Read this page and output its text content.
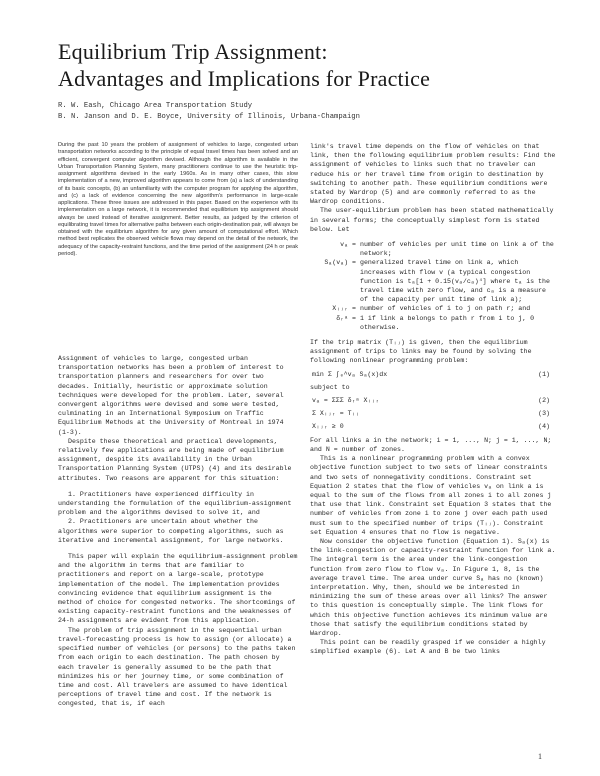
Equilibrium Trip Assignment:
Advantages and Implications for Practice
R. W. Eash, Chicago Area Transportation Study
B. N. Janson and D. E. Boyce, University of Illinois, Urbana-Champaign
During the past 10 years the problem of assignment of vehicles to large, congested urban transportation networks according to the principle of equal travel times has been solved and an efficient, convergent computer algorithm devised. Although the algorithm is available in the Urban Transportation Planning System, many practitioners continue to use the heuristic trip-assignment algorithms devised in the early 1960s. As in many other cases, this slow implementation of a new, improved algorithm appears to come from (a) a lack of understanding of its basic concepts, (b) an unfamiliarity with the computer program for applying the algorithm, and (c) a lack of evidence concerning the new algorithm's performance in large-scale applications. These three issues are addressed in this paper. Based on the experience with its implementation on a large network, it is recommended that equilibrium trip assignment should always be used instead of iterative assignment. Better results, as judged by the criterion of equilibrating travel times for alternative paths between each origin-destination pair, will always be obtained with the equilibrium algorithm for any given amount of computational effort. Which method best replicates the observed vehicle flows may depend on the detail of the network, the adequacy of the capacity-restraint functions, and the time period of the assignment (24 h or peak period).

Assignment of vehicles to large, congested urban transportation networks has been a problem of interest to transportation planners and researchers for over two decades. Initially, heuristic or approximate solution techniques were developed for the problem. Later, several convergent algorithms were devised and some were tested, culminating in an International Symposium on Traffic Equilibrium Methods at the University of Montreal in 1974 (1-3).

Despite these theoretical and practical developments, relatively few applications are being made of equilibrium assignment, despite its availability in the Urban Transportation Planning System (UTPS) (4) and its desirable attributes. Two reasons are apparent for this situation:

1. Practitioners have experienced difficulty in understanding the formulation of the equilibrium-assignment problem and the algorithms devised to solve it, and

2. Practitioners are uncertain about whether the algorithms were superior to competing algorithms, such as iterative and incremental assignment, for large networks.

This paper will explain the equilibrium-assignment problem and the algorithm in terms that are familiar to practitioners and report on a large-scale, prototype implementation of the model. The implementation provides convincing evidence that equilibrium assignment is the method of choice for congested networks. The shortcomings of existing capacity-restraint functions and the weaknesses of 24-h assignments are evident from this application.

The problem of trip assignment in the sequential urban travel-forecasting process is how to assign (or allocate) a specified number of vehicles (or persons) to the paths taken from each origin to each destination. The path chosen by each traveler is generally assumed to be the path that minimizes his or her journey time, or some combination of time and cost. All travelers are assumed to have identical perceptions of travel time and cost. If the network is congested, that is, if each

link's travel time depends on the flow of vehicles on that link, then the following equilibrium problem results: Find the assignment of vehicles to links such that no traveler can reduce his or her travel time from origin to destination by switching to another path. These equilibrium conditions were stated by Wardrop (5) and are commonly referred to as the Wardrop conditions.

The user-equilibrium problem has been stated mathematically in several forms; the conceptually simplest form is stated below. Let

vₐ = number of vehicles per unit time on link a of the network;
Sₐ(vₐ) = generalized travel time on link a, which increases with flow v (a typical congestion function is tₐ[1 + 0.15(vₐ/cₐ)⁴] where tₐ is the travel time with zero flow, and cₐ is a measure of the capacity per unit time of link a);
Xᵢⱼᵣ = number of vehicles of i to j on path r; and
δᵣᵃ = 1 if link a belongs to path r from i to j, 0 otherwise.

If the trip matrix (Tᵢⱼ) is given, then the equilibrium assignment of trips to links may be found by solving the following nonlinear programming problem:

min Σ ∫₀^vₐ Sₐ(x)dx	(1)

subject to

vₐ = ΣΣΣ δᵣᵃ Xᵢⱼᵣ	(2)
Σ Xᵢⱼᵣ = Tᵢⱼ	(3)
Xᵢⱼᵣ ≥ 0	(4)

For all links a in the network; i = 1, ..., N; j = 1, ..., N; and N = number of zones.

This is a nonlinear programming problem with a convex objective function subject to two sets of linear constraints and two sets of nonnegativity conditions. Constraint set Equation 2 states that the flow of vehicles vₐ on link a is equal to the sum of the flows from all zones i to all zones j that use that link. Constraint set Equation 3 states that the number of vehicles from zone i to zone j over each path used must sum to the specified number of trips (Tᵢⱼ). Constraint set Equation 4 ensures that no flow is negative.

Now consider the objective function (Equation 1). Sₐ(x) is the link-congestion or capacity-restraint function for link a. The integral term is the area under the link-congestion function from zero flow to flow vₐ. In Figure 1, 8, is the average travel time. The area under curve Sₐ has no (known) interpretation. Why, then, should we be interested in minimizing the sum of these areas over all links? The answer to this question is conceptually simple. The link flows for which this objective function achieves its minimum value are those that satisfy the equilibrium conditions stated by Wardrop.

This point can be readily grasped if we consider a highly simplified example (6). Let A and B be two links

1
